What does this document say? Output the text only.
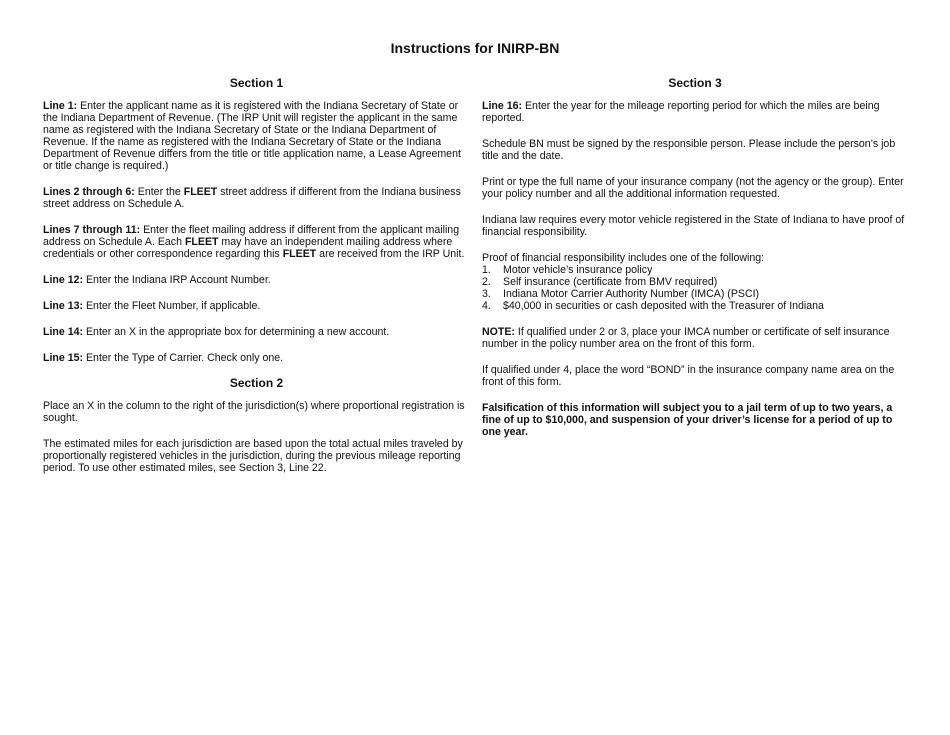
Instructions for INIRP-BN
Section 1

Line 1: Enter the applicant name as it is registered with the Indiana Secretary of State or the Indiana Department of Revenue. (The IRP Unit will register the applicant in the same name as registered with the Indiana Secretary of State or the Indiana Department of Revenue. If the name as registered with the Indiana Secretary of State or the Indiana Department of Revenue differs from the title or title application name, a Lease Agreement or title change is required.)

Lines 2 through 6: Enter the FLEET street address if different from the Indiana business street address on Schedule A.

Lines 7 through 11: Enter the fleet mailing address if different from the applicant mailing address on Schedule A. Each FLEET may have an independent mailing address where credentials or other correspondence regarding this FLEET are received from the IRP Unit.

Line 12: Enter the Indiana IRP Account Number.

Line 13: Enter the Fleet Number, if applicable.

Line 14: Enter an X in the appropriate box for determining a new account.

Line 15: Enter the Type of Carrier. Check only one.

Section 2

Place an X in the column to the right of the jurisdiction(s) where proportional registration is sought.

The estimated miles for each jurisdiction are based upon the total actual miles traveled by proportionally registered vehicles in the jurisdiction, during the previous mileage reporting period. To use other estimated miles, see Section 3, Line 22.

Section 3

Line 16: Enter the year for the mileage reporting period for which the miles are being reported.

Schedule BN must be signed by the responsible person. Please include the person’s job title and the date.

Print or type the full name of your insurance company (not the agency or the group). Enter your policy number and all the additional information requested.

Indiana law requires every motor vehicle registered in the State of Indiana to have proof of financial responsibility.

Proof of financial responsibility includes one of the following:
1.	Motor vehicle’s insurance policy
2.	Self insurance (certificate from BMV required)
3.	Indiana Motor Carrier Authority Number (IMCA) (PSCI)
4.	$40,000 in securities or cash deposited with the Treasurer of Indiana

NOTE: If qualified under 2 or 3, place your IMCA number or certificate of self insurance number in the policy number area on the front of this form.

If qualified under 4, place the word “BOND” in the insurance company name area on the front of this form.

Falsification of this information will subject you to a jail term of up to two years, a fine of up to $10,000, and suspension of your driver’s license for a period of up to one year.
